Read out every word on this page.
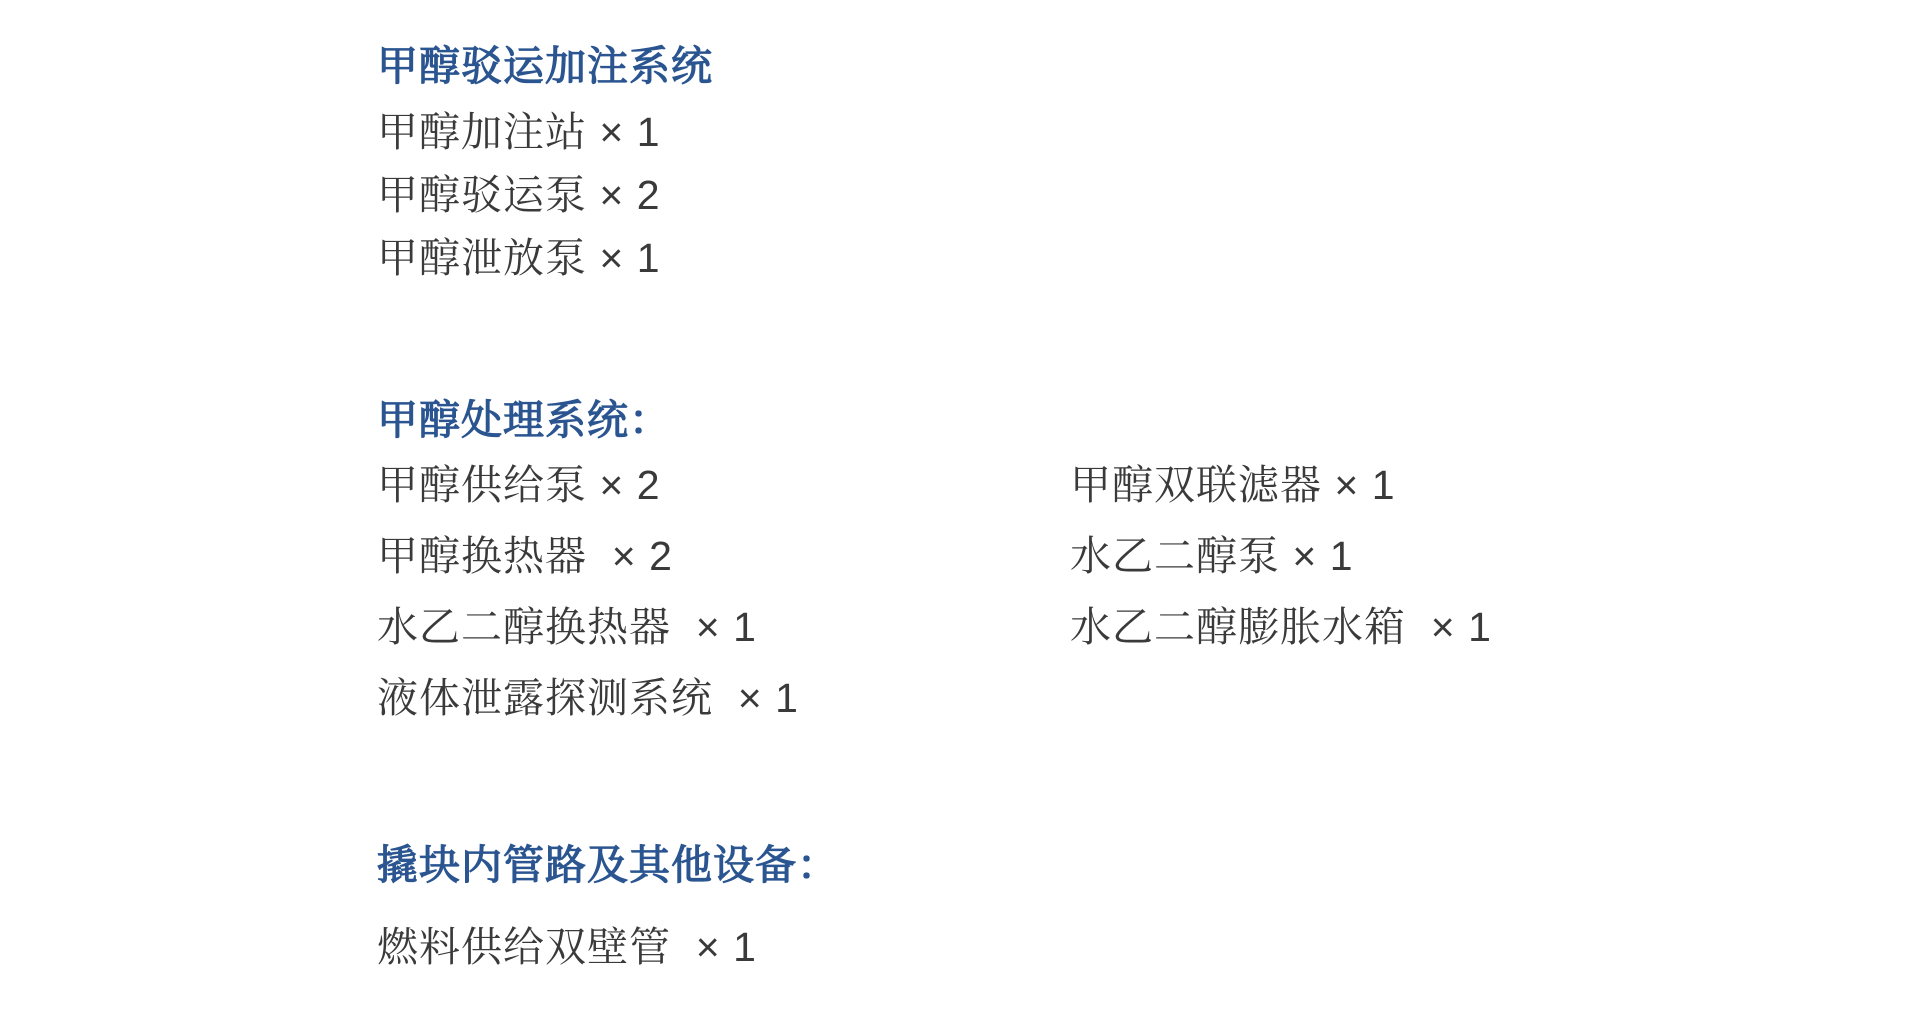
甲醇驳运加注系统
甲醇加注站 × 1
甲醇驳运泵 × 2
甲醇泄放泵 × 1
甲醇处理系统：
甲醇供给泵 × 2	甲醇双联滤器 × 1
甲醇换热器  × 2	水乙二醇泵 × 1
水乙二醇换热器  × 1	水乙二醇膨胀水箱  × 1
液体泄露探测系统  × 1
撬块内管路及其他设备：
燃料供给双壁管  × 1
